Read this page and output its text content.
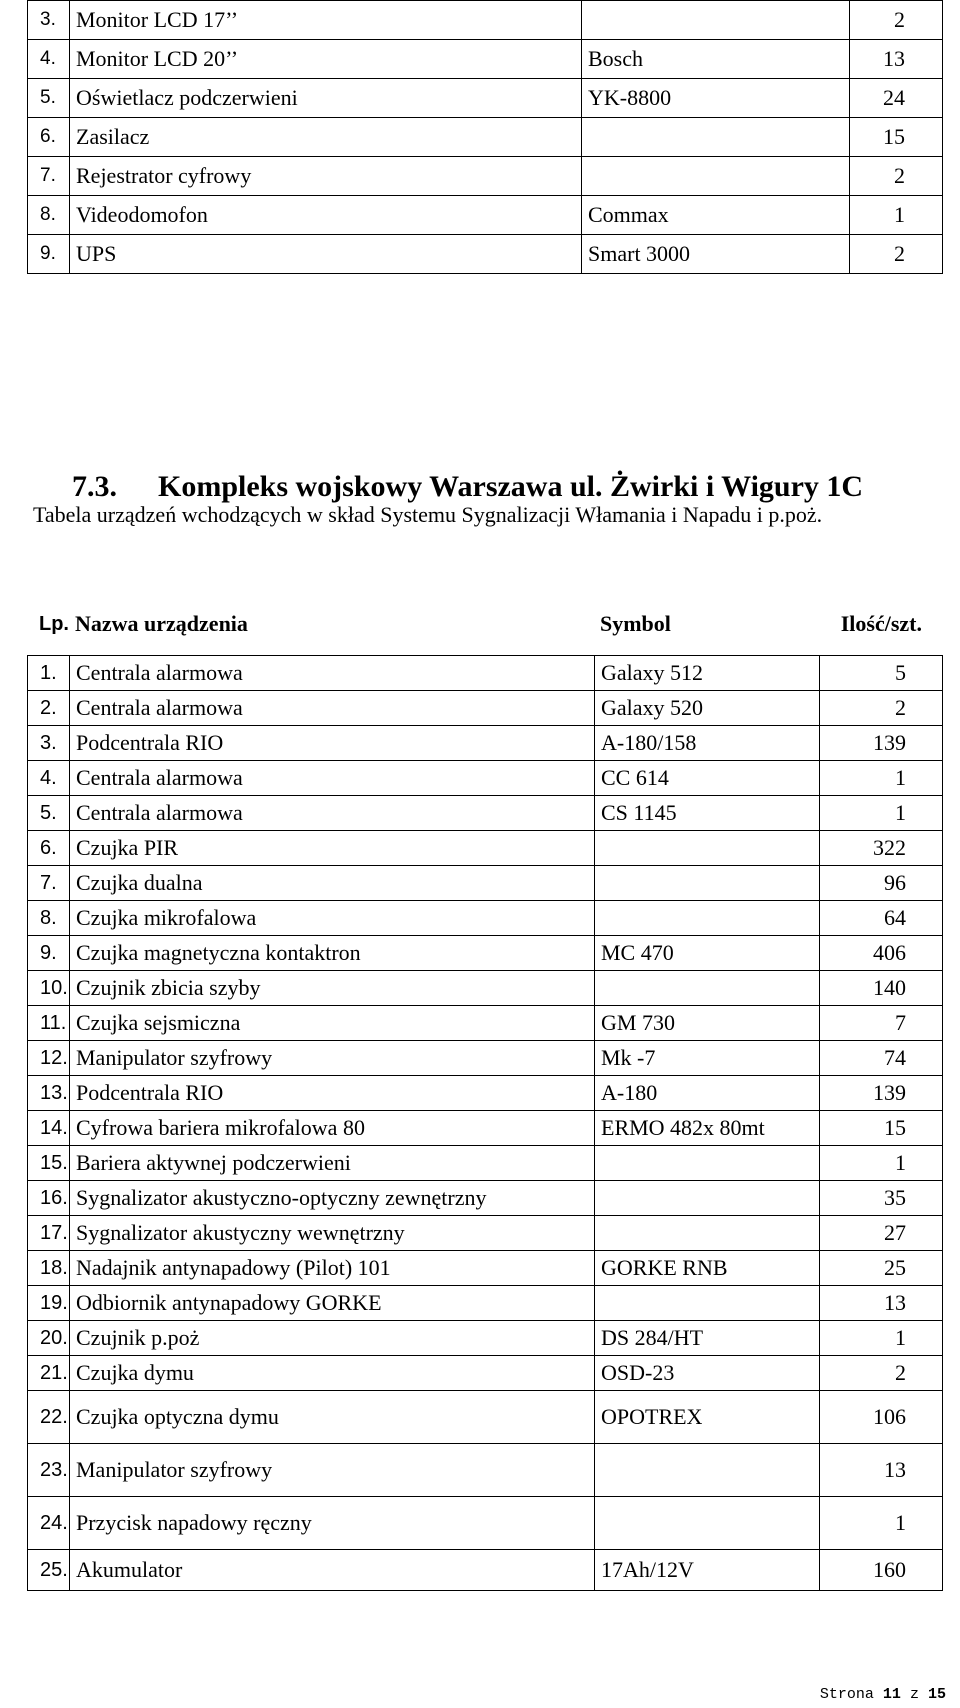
3.	Monitor LCD 17’’		2
4.	Monitor LCD 20’’	Bosch	13
5.	Oświetlacz podczerwieni	YK-8800	24
6.	Zasilacz		15
7.	Rejestrator cyfrowy		2
8.	Videodomofon	Commax	1
9.	UPS	Smart 3000	2
7.3. Kompleks wojskowy Warszawa ul. Żwirki i Wigury 1C
Tabela urządzeń wchodzących w skład Systemu Sygnalizacji Włamania i Napadu i p.poż.
Lp.	Nazwa urządzenia	Symbol	Ilość/szt.
1.	Centrala alarmowa	Galaxy 512	5
2.	Centrala alarmowa	Galaxy 520	2
3.	Podcentrala RIO	A-180/158	139
4.	Centrala alarmowa	CC 614	1
5.	Centrala alarmowa	CS 1145	1
6.	Czujka PIR		322
7.	Czujka dualna		96
8.	Czujka mikrofalowa		64
9.	Czujka magnetyczna kontaktron	MC 470	406
10.	Czujnik zbicia szyby		140
11.	Czujka sejsmiczna	GM 730	7
12.	Manipulator szyfrowy	Mk -7	74
13.	Podcentrala RIO	A-180	139
14.	Cyfrowa bariera mikrofalowa 80	ERMO 482x 80mt	15
15.	Bariera aktywnej podczerwieni		1
16.	Sygnalizator akustyczno-optyczny zewnętrzny		35
17.	Sygnalizator akustyczny wewnętrzny		27
18.	Nadajnik antynapadowy (Pilot) 101	GORKE RNB	25
19.	Odbiornik antynapadowy GORKE		13
20.	Czujnik p.poż	DS 284/HT	1
21.	Czujka dymu	OSD-23	2
22.	Czujka optyczna dymu	OPOTREX	106
23.	Manipulator szyfrowy		13
24.	Przycisk napadowy ręczny		1
25.	Akumulator	17Ah/12V	160
Strona 11 z 15
